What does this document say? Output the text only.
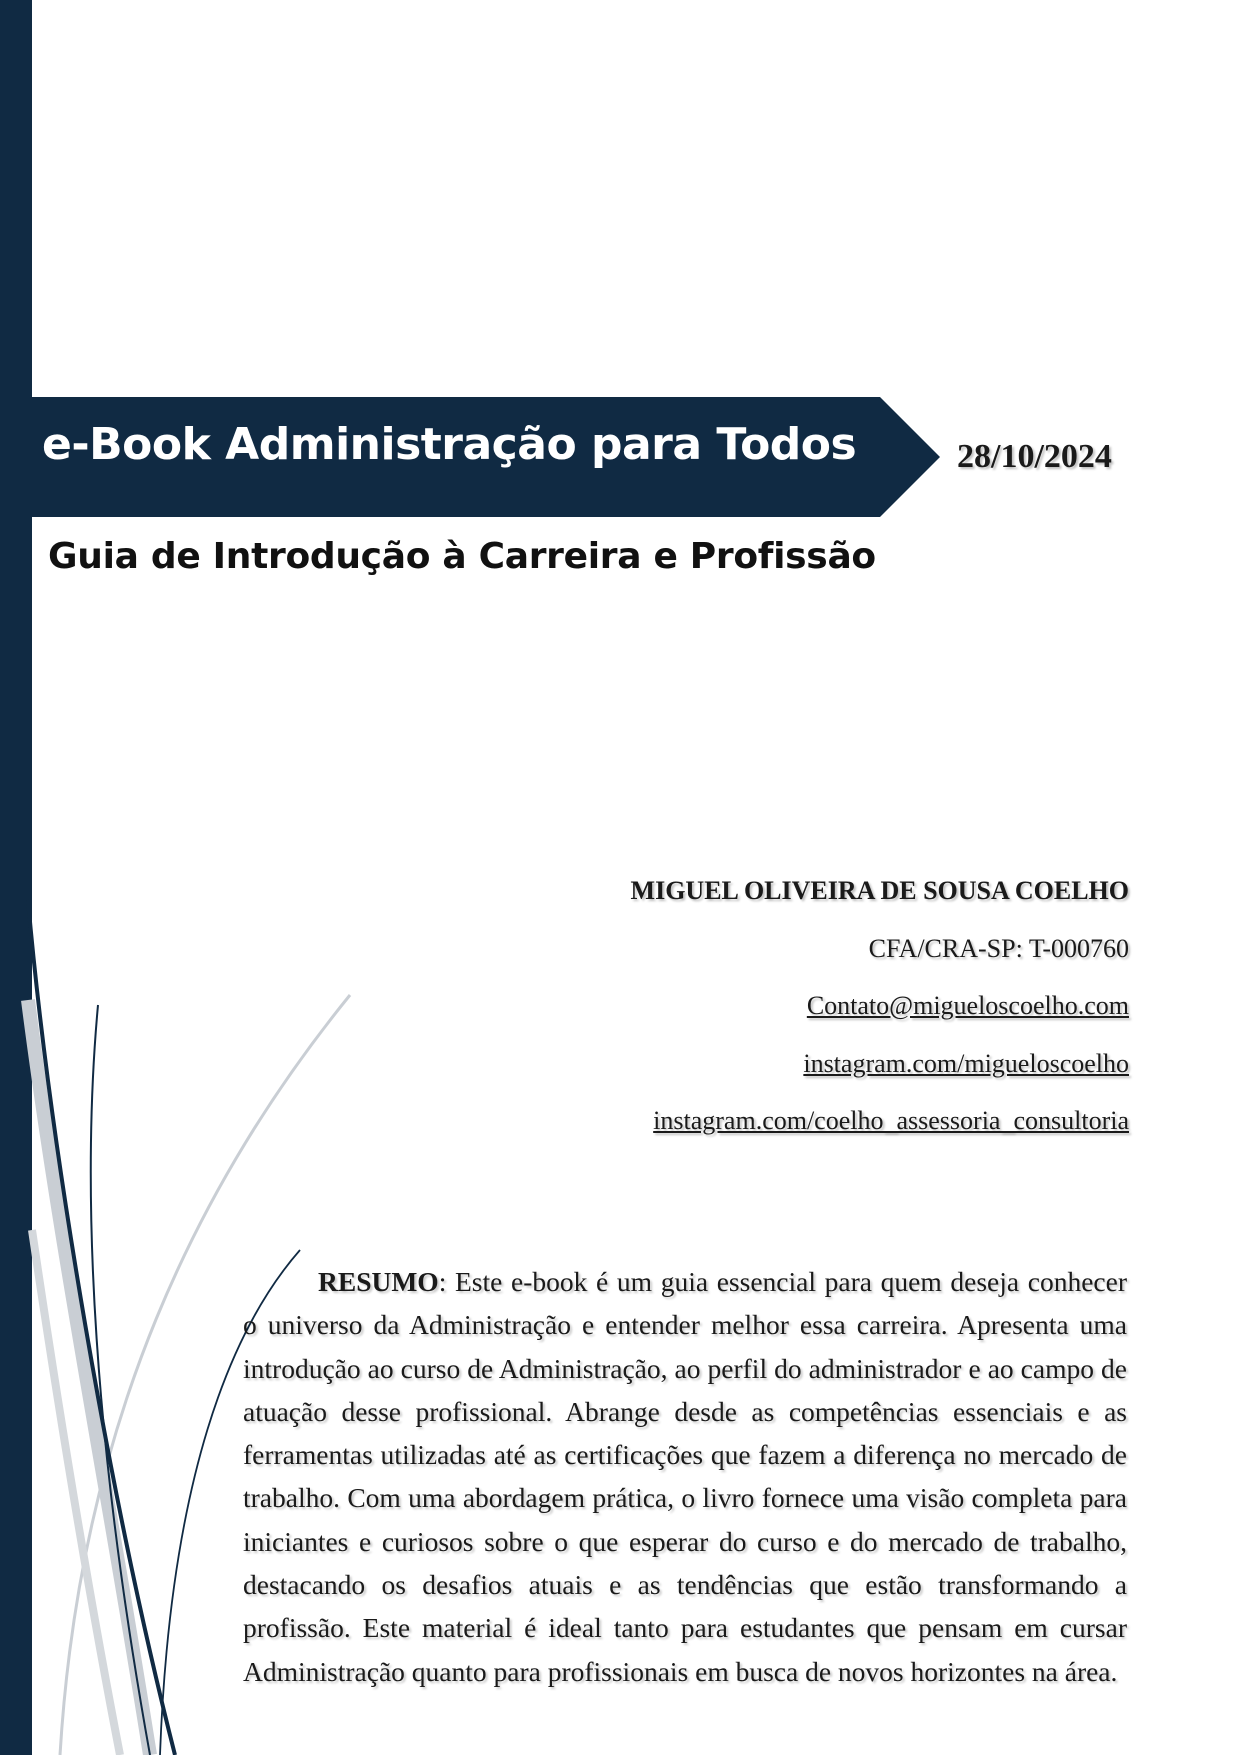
e-Book Administração para Todos	28/10/2024
Guia de Introdução à Carreira e Profissão
MIGUEL OLIVEIRA DE SOUSA COELHO
CFA/CRA-SP: T-000760
Contato@migueloscoelho.com
instagram.com/migueloscoelho
instagram.com/coelho_assessoria_consultoria
RESUMO: Este e-book é um guia essencial para quem deseja conhecer o universo da Administração e entender melhor essa carreira. Apresenta uma introdução ao curso de Administração, ao perfil do administrador e ao campo de atuação desse profissional. Abrange desde as competências essenciais e as ferramentas utilizadas até as certificações que fazem a diferença no mercado de trabalho. Com uma abordagem prática, o livro fornece uma visão completa para iniciantes e curiosos sobre o que esperar do curso e do mercado de trabalho, destacando os desafios atuais e as tendências que estão transformando a profissão. Este material é ideal tanto para estudantes que pensam em cursar Administração quanto para profissionais em busca de novos horizontes na área.
